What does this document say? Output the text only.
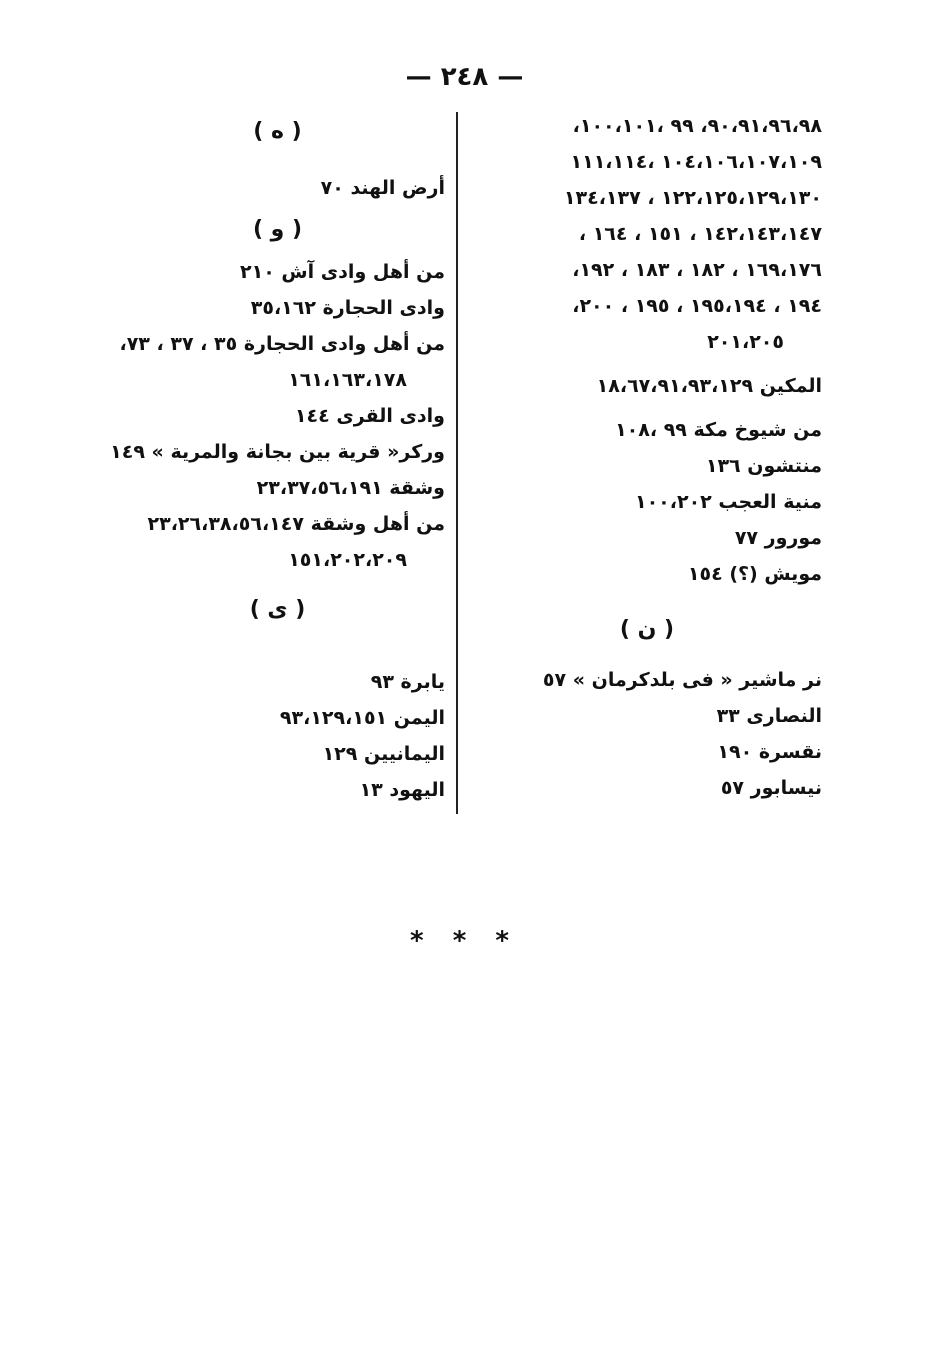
— ٢٤٨ —
٩٠،٩١،٩٦،٩٨، ٩٩ ،١٠٠،١٠١،
١٠٤،١٠٦،١٠٧،١٠٩ ،١١١،١١٤
١٢٢،١٢٥،١٢٩،١٣٠ ، ١٣٤،١٣٧
١٤٢،١٤٣،١٤٧ ، ١٥١ ، ١٦٤ ،
١٦٩،١٧٦ ، ١٨٢ ، ١٨٣ ، ١٩٢،
١٩٤ ، ١٩٥،١٩٤ ، ١٩٥ ، ٢٠٠،
٢٠١،٢٠٥
المكين ١٨،٦٧،٩١،٩٣،١٢٩
من شيوخ مكة ٩٩ ،١٠٨
منتشون ١٣٦
منية العجب ١٠٠،٢٠٢
مورور ٧٧
مويش (؟) ١٥٤
( ن )
نر ماشير « فى بلدكرمان » ٥٧
النصارى ٣٣
نقسرة ١٩٠
نيسابور ٥٧
( ه )
أرض الهند ٧٠
( و )
من أهل وادى آش ٢١٠
وادى الحجارة ٣٥،١٦٢
من أهل وادى الحجارة ٣٥ ، ٣٧ ، ٧٣،
١٦١،١٦٣،١٧٨
وادى القرى ١٤٤
ورکر« قرية بين بجانة والمرية » ١٤٩
وشقة ٢٣،٣٧،٥٦،١٩١
من أهل وشقة ٢٣،٢٦،٣٨،٥٦،١٤٧
١٥١،٢٠٢،٢٠٩
( ى )
يابرة ٩٣
اليمن ٩٣،١٢٩،١٥١
اليمانيين ١٢٩
اليهود ١٣
* * *
